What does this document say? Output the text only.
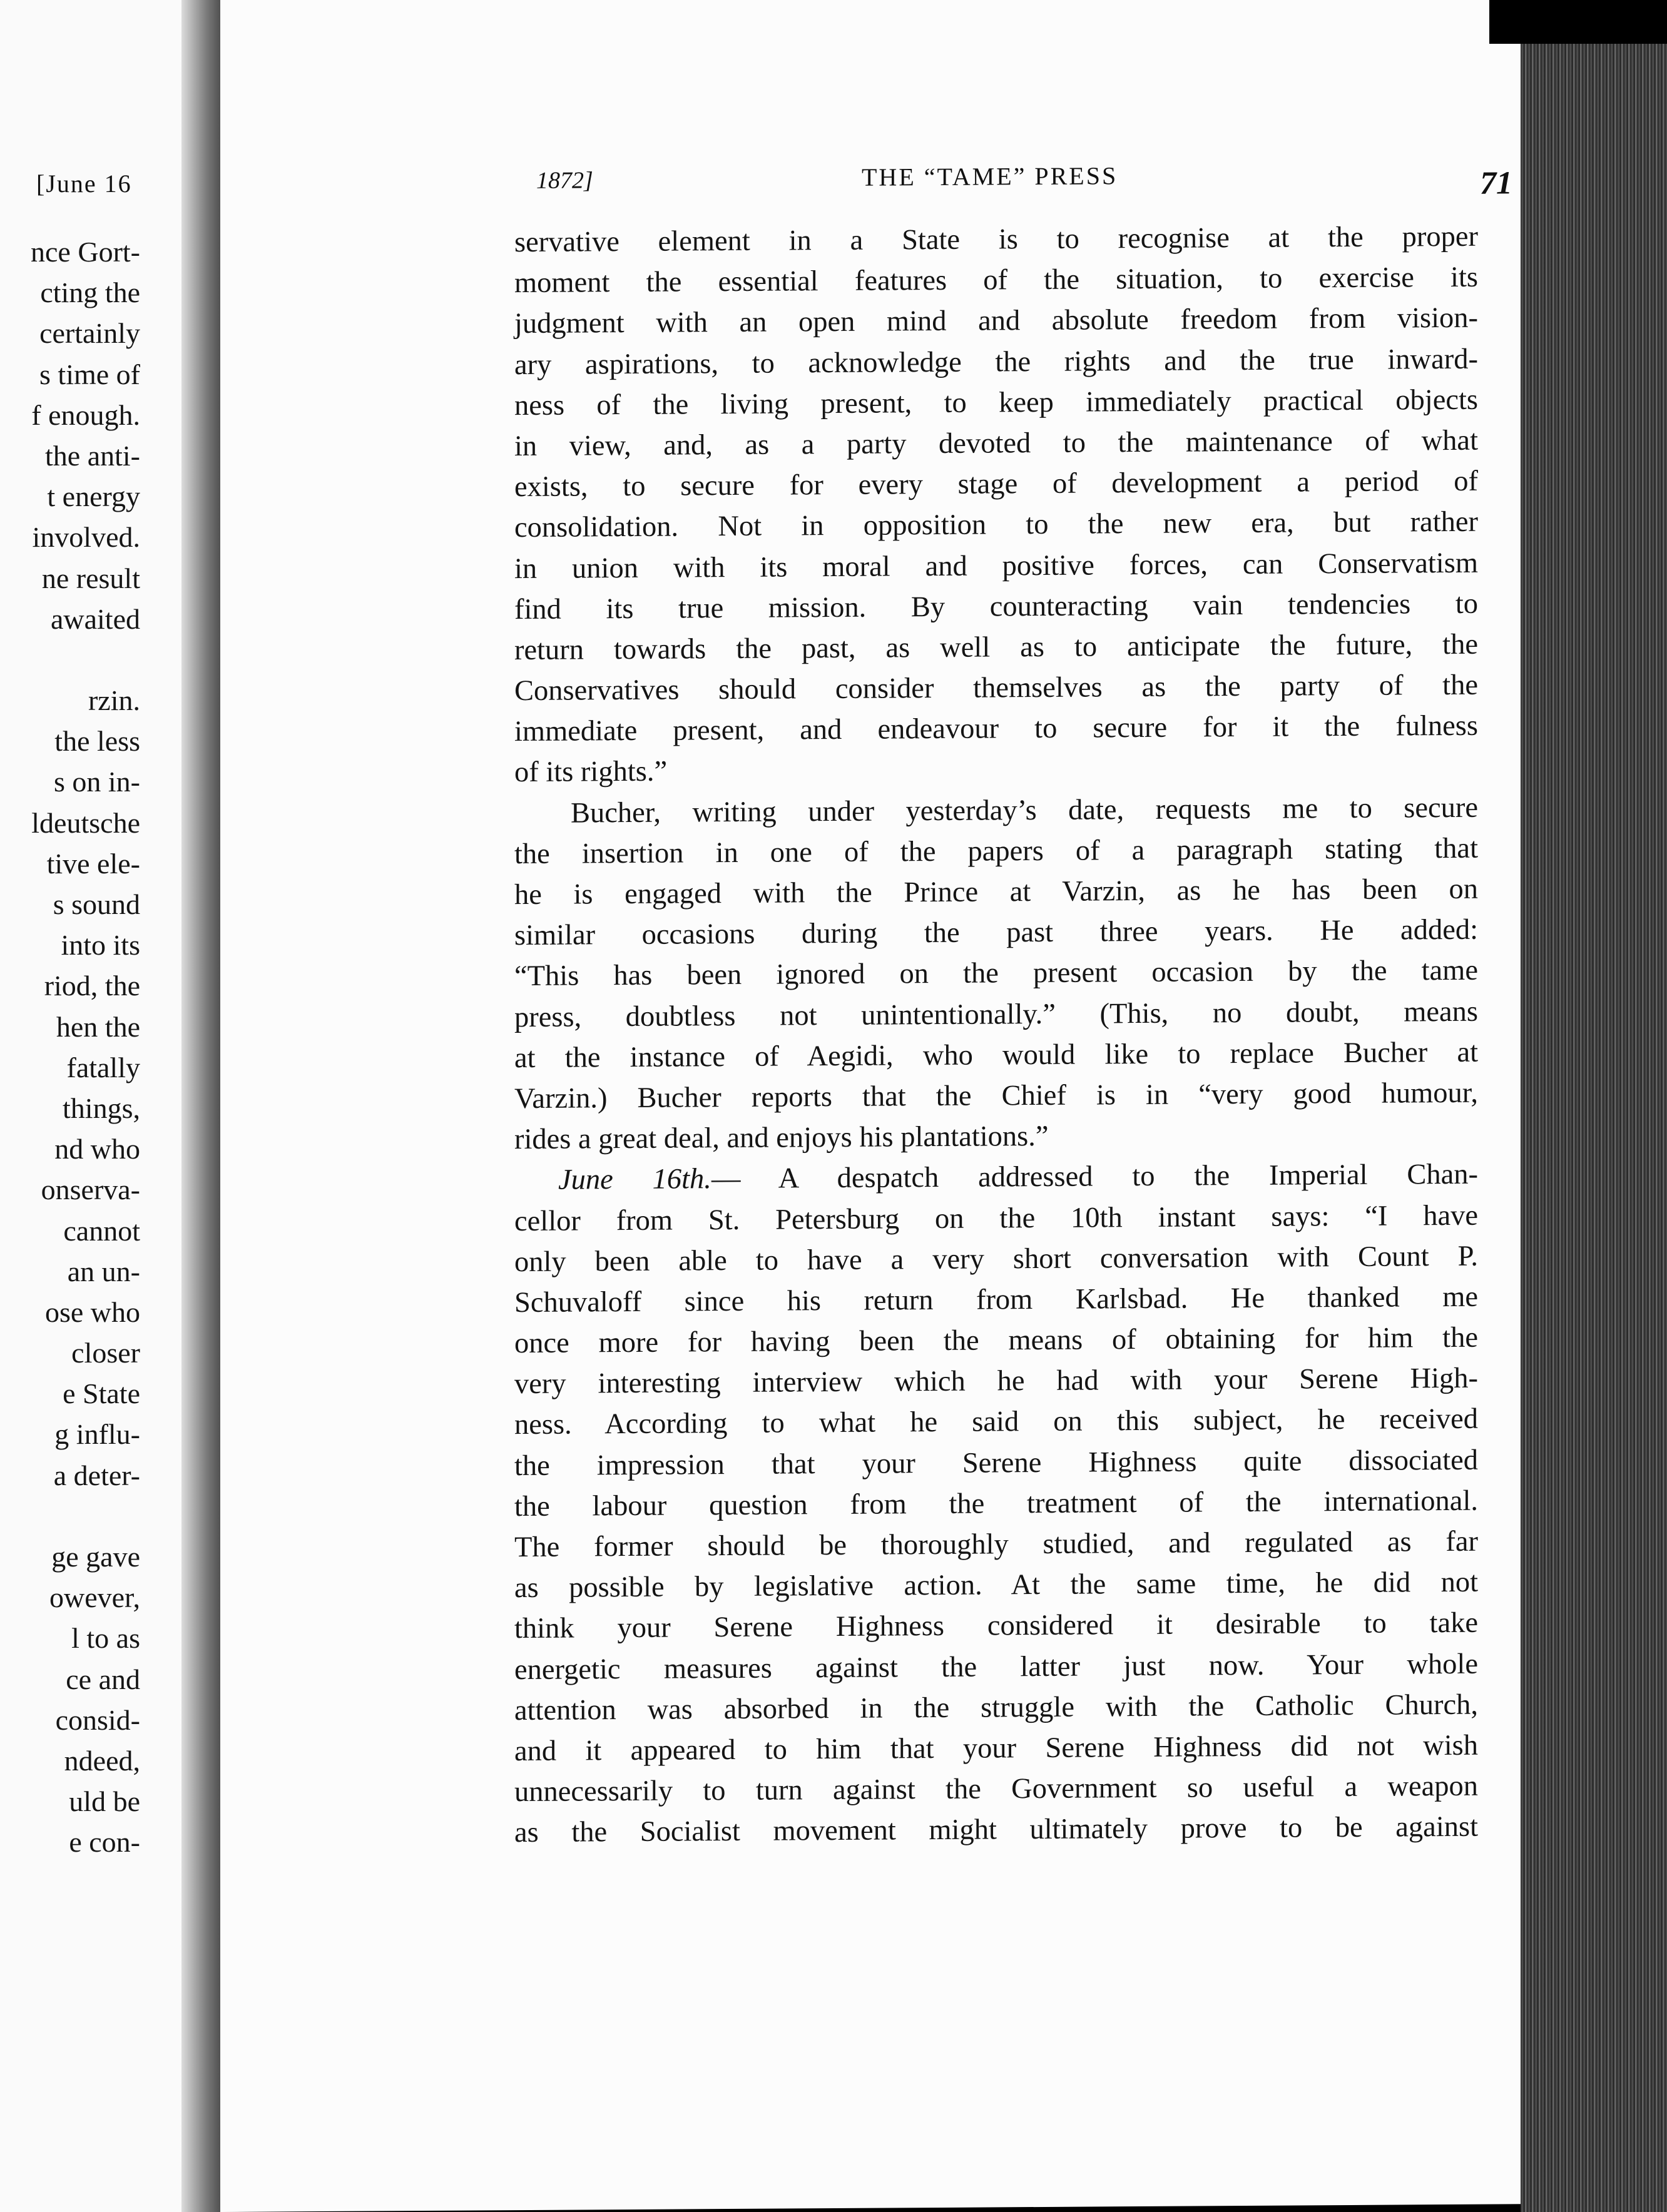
[June 16
nce Gort-
cting the
certainly
s time of
f enough.
the anti-
t energy
involved.
ne result
awaited
rzin.
the less
s on in-
ldeutsche
tive ele-
s sound
into its
riod, the
hen the
fatally
things,
nd who
onserva-
cannot
an un-
ose who
closer
e State
g influ-
a deter-
ge gave
owever,
l to as
ce and
consid-
ndeed,
uld be
e con-
1872]	THE “TAME” PRESS	71
servative element in a State is to recognise at the proper
moment the essential features of the situation, to exercise its
judgment with an open mind and absolute freedom from vision-
ary aspirations, to acknowledge the rights and the true inward-
ness of the living present, to keep immediately practical objects
in view, and, as a party devoted to the maintenance of what
exists, to secure for every stage of development a period of
consolidation. Not in opposition to the new era, but rather
in union with its moral and positive forces, can Conservatism
find its true mission. By counteracting vain tendencies to
return towards the past, as well as to anticipate the future, the
Conservatives should consider themselves as the party of the
immediate present, and endeavour to secure for it the fulness
of its rights.”
Bucher, writing under yesterday’s date, requests me to secure
the insertion in one of the papers of a paragraph stating that
he is engaged with the Prince at Varzin, as he has been on
similar occasions during the past three years. He added:
“This has been ignored on the present occasion by the tame
press, doubtless not unintentionally.” (This, no doubt, means
at the instance of Aegidi, who would like to replace Bucher at
Varzin.) Bucher reports that the Chief is in “very good humour,
rides a great deal, and enjoys his plantations.”
June 16th.— A despatch addressed to the Imperial Chan-
cellor from St. Petersburg on the 10th instant says: “I have
only been able to have a very short conversation with Count P.
Schuvaloff since his return from Karlsbad. He thanked me
once more for having been the means of obtaining for him the
very interesting interview which he had with your Serene High-
ness. According to what he said on this subject, he received
the impression that your Serene Highness quite dissociated
the labour question from the treatment of the international.
The former should be thoroughly studied, and regulated as far
as possible by legislative action. At the same time, he did not
think your Serene Highness considered it desirable to take
energetic measures against the latter just now. Your whole
attention was absorbed in the struggle with the Catholic Church,
and it appeared to him that your Serene Highness did not wish
unnecessarily to turn against the Government so useful a weapon
as the Socialist movement might ultimately prove to be against
